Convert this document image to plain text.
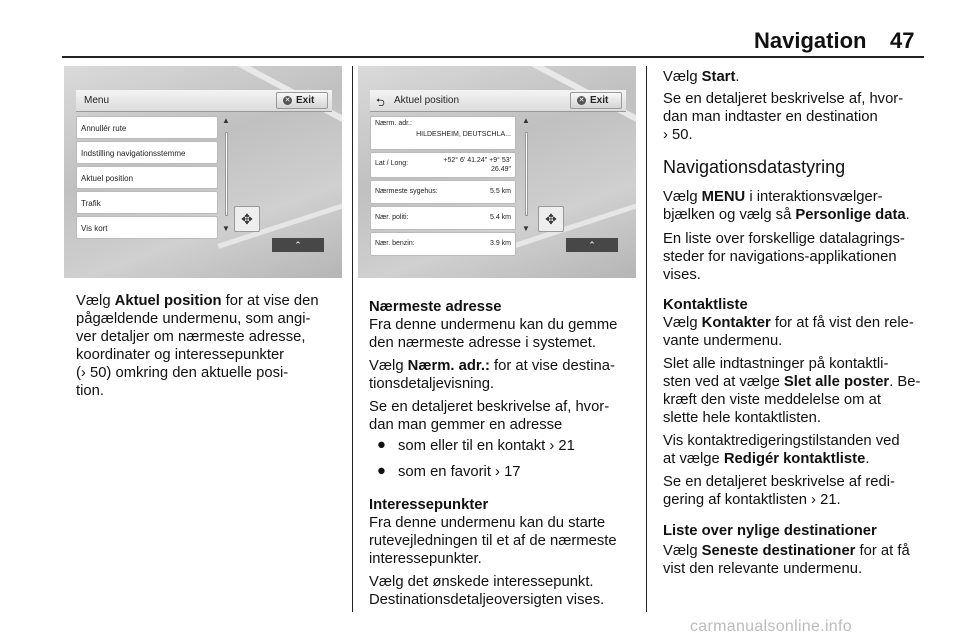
Navigation 47
Menu	✕ Exit
Annullér rute
Indstilling navigationsstemme
Aktuel position
Trafik
Vis kort
▲
▼
✥
⌃
⮌ Aktuel position	✕ Exit
Nærm. adr.:
HILDESHEIM, DEUTSCHLA...
Lat / Long:	+52° 6' 41.24" +9° 53' 26.49"
Nærmeste sygehus:	5.5 km
Nær. politi:	5.4 km
Nær. benzin:	3.9 km
▲
▼
✥
⌃
Vælg Aktuel position for at vise den
pågældende undermenu, som angi-
ver detaljer om nærmeste adresse,
koordinater og interessepunkter
(› 50) omkring den aktuelle posi-
tion.
Nærmeste adresse
Fra denne undermenu kan du gemme
den nærmeste adresse i systemet.
Vælg Nærm. adr.: for at vise destina-
tionsdetaljevisning.
Se en detaljeret beskrivelse af, hvor-
dan man gemmer en adresse
● som eller til en kontakt › 21
● som en favorit › 17
Interessepunkter
Fra denne undermenu kan du starte
rutevejledningen til et af de nærmeste
interessepunkter.
Vælg det ønskede interessepunkt.
Destinationsdetaljeoversigten vises.
Vælg Start.
Se en detaljeret beskrivelse af, hvor-
dan man indtaster en destination
› 50.
Navigationsdatastyring
Vælg MENU i interaktionsvælger-
bjælken og vælg så Personlige data.
En liste over forskellige datalagrings-
steder for navigations-applikationen
vises.
Kontaktliste
Vælg Kontakter for at få vist den rele-
vante undermenu.
Slet alle indtastninger på kontaktli-
sten ved at vælge Slet alle poster. Be-
kræft den viste meddelelse om at
slette hele kontaktlisten.
Vis kontaktredigeringstilstanden ved
at vælge Redigér kontaktliste.
Se en detaljeret beskrivelse af redi-
gering af kontaktlisten › 21.
Liste over nylige destinationer
Vælg Seneste destinationer for at få
vist den relevante undermenu.
carmanualsonline.info
